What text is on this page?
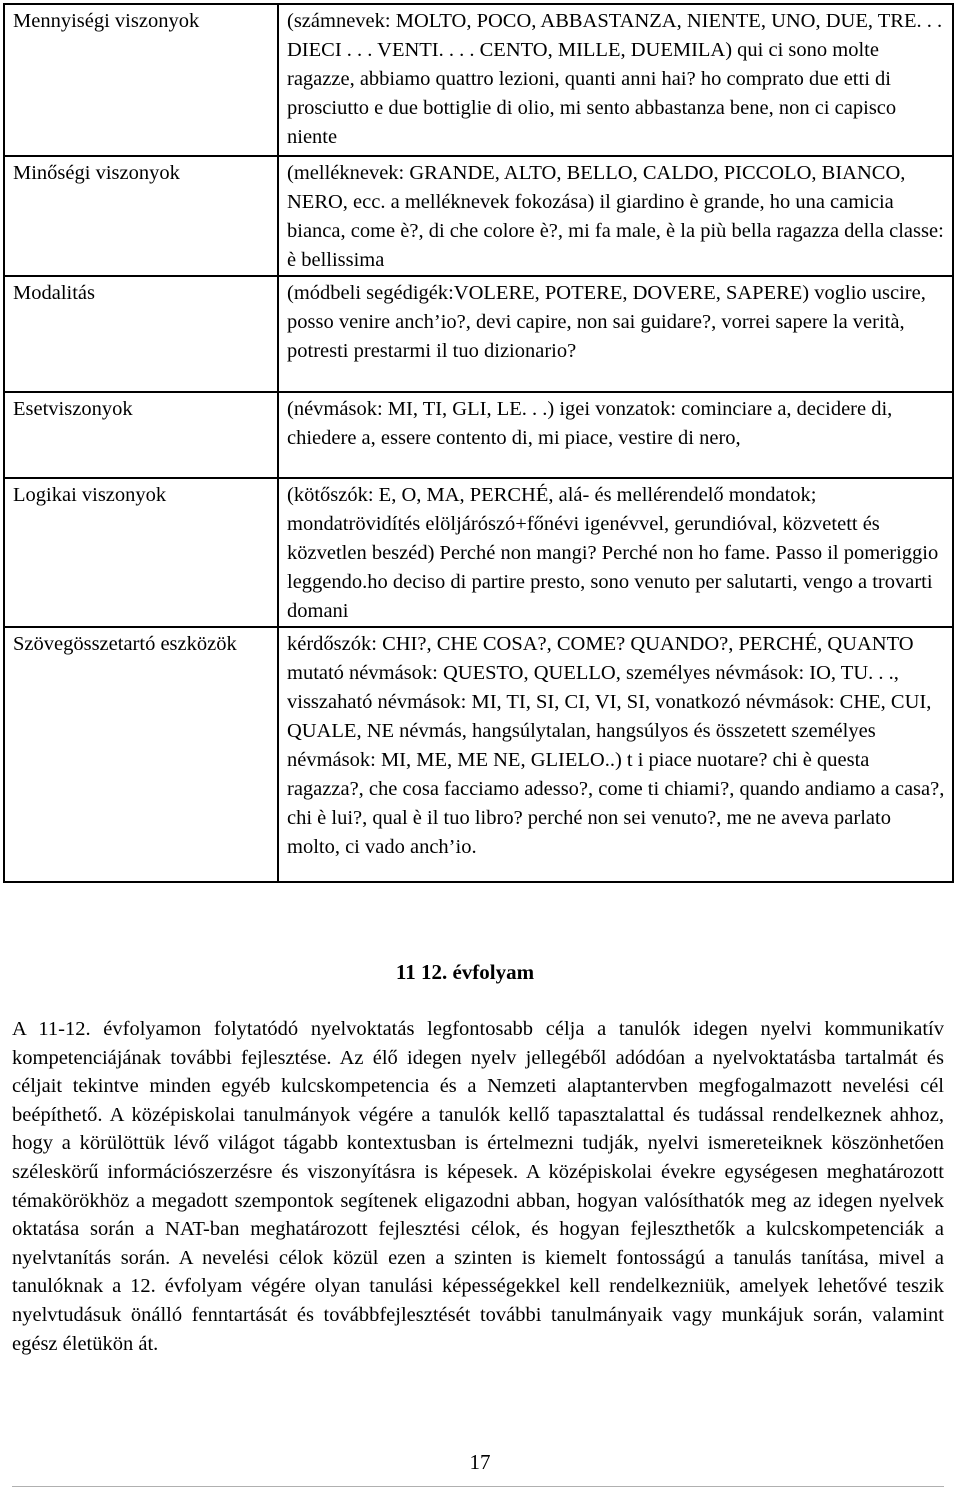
Mennyiségi viszonyok	(számnevek: MOLTO, POCO, ABBASTANZA, NIENTE, UNO, DUE, TRE. . . DIECI . . . VENTI. . . . CENTO, MILLE, DUEMILA) qui ci sono molte ragazze, abbiamo quattro lezioni, quanti anni hai? ho comprato due etti di prosciutto e due bottiglie di olio, mi sento abbastanza bene, non ci capisco niente
Minőségi viszonyok	(melléknevek: GRANDE, ALTO, BELLO, CALDO, PICCOLO, BIANCO, NERO, ecc. a melléknevek fokozása) il giardino è grande, ho una camicia bianca, come è?, di che colore è?, mi fa male, è la più bella ragazza della classe: è bellissima
Modalitás	(módbeli segédigék:VOLERE, POTERE, DOVERE, SAPERE) voglio uscire, posso venire anch’io?, devi capire, non sai guidare?, vorrei sapere la verità, potresti prestarmi il tuo dizionario?
Esetviszonyok	(névmások: MI, TI, GLI, LE. . .) igei vonzatok: cominciare a, decidere di, chiedere a, essere contento di, mi piace, vestire di nero,
Logikai viszonyok	(kötőszók: E, O, MA, PERCHÉ, alá- és mellérendelő mondatok; mondatrövidítés elöljárószó+főnévi igenévvel, gerundióval, közvetett és közvetlen beszéd) Perché non mangi? Perché non ho fame. Passo il pomeriggio leggendo.ho deciso di partire presto, sono venuto per salutarti, vengo a trovarti domani
Szövegösszetartó eszközök	kérdőszók: CHI?, CHE COSA?, COME? QUANDO?, PERCHÉ, QUANTO mutató névmások: QUESTO, QUELLO, személyes névmások: IO, TU. . ., visszaható névmások: MI, TI, SI, CI, VI, SI, vonatkozó névmások: CHE, CUI, QUALE, NE névmás, hangsúlytalan, hangsúlyos és összetett személyes névmások: MI, ME, ME NE, GLIELO..) t i piace nuotare? chi è questa ragazza?, che cosa facciamo adesso?, come ti chiami?, quando andiamo a casa?, chi è lui?, qual è il tuo libro? perché non sei venuto?, me ne aveva parlato molto, ci vado anch’io.
11 12. évfolyam

A 11-12. évfolyamon folytatódó nyelvoktatás legfontosabb célja a tanulók idegen nyelvi kommunikatív kompetenciájának további fejlesztése. Az élő idegen nyelv jellegéből adódóan a nyelvoktatásba tartalmát és céljait tekintve minden egyéb kulcskompetencia és a Nemzeti alaptantervben megfogalmazott nevelési cél beépíthető. A középiskolai tanulmányok végére a tanulók kellő tapasztalattal és tudással rendelkeznek ahhoz, hogy a körülöttük lévő világot tágabb kontextusban is értelmezni tudják, nyelvi ismereteiknek köszönhetően széleskörű információszerzésre és viszonyításra is képesek. A középiskolai évekre egységesen meghatározott témakörökhöz a megadott szempontok segítenek eligazodni abban, hogyan valósíthatók meg az idegen nyelvek oktatása során a NAT-ban meghatározott fejlesztési célok, és hogyan fejleszthetők a kulcskompetenciák a nyelvtanítás során. A nevelési célok közül ezen a szinten is kiemelt fontosságú a tanulás tanítása, mivel a tanulóknak a 12. évfolyam végére olyan tanulási képességekkel kell rendelkezniük, amelyek lehetővé teszik nyelvtudásuk önálló fenntartását és továbbfejlesztését további tanulmányaik vagy munkájuk során, valamint egész életükön át.

17
